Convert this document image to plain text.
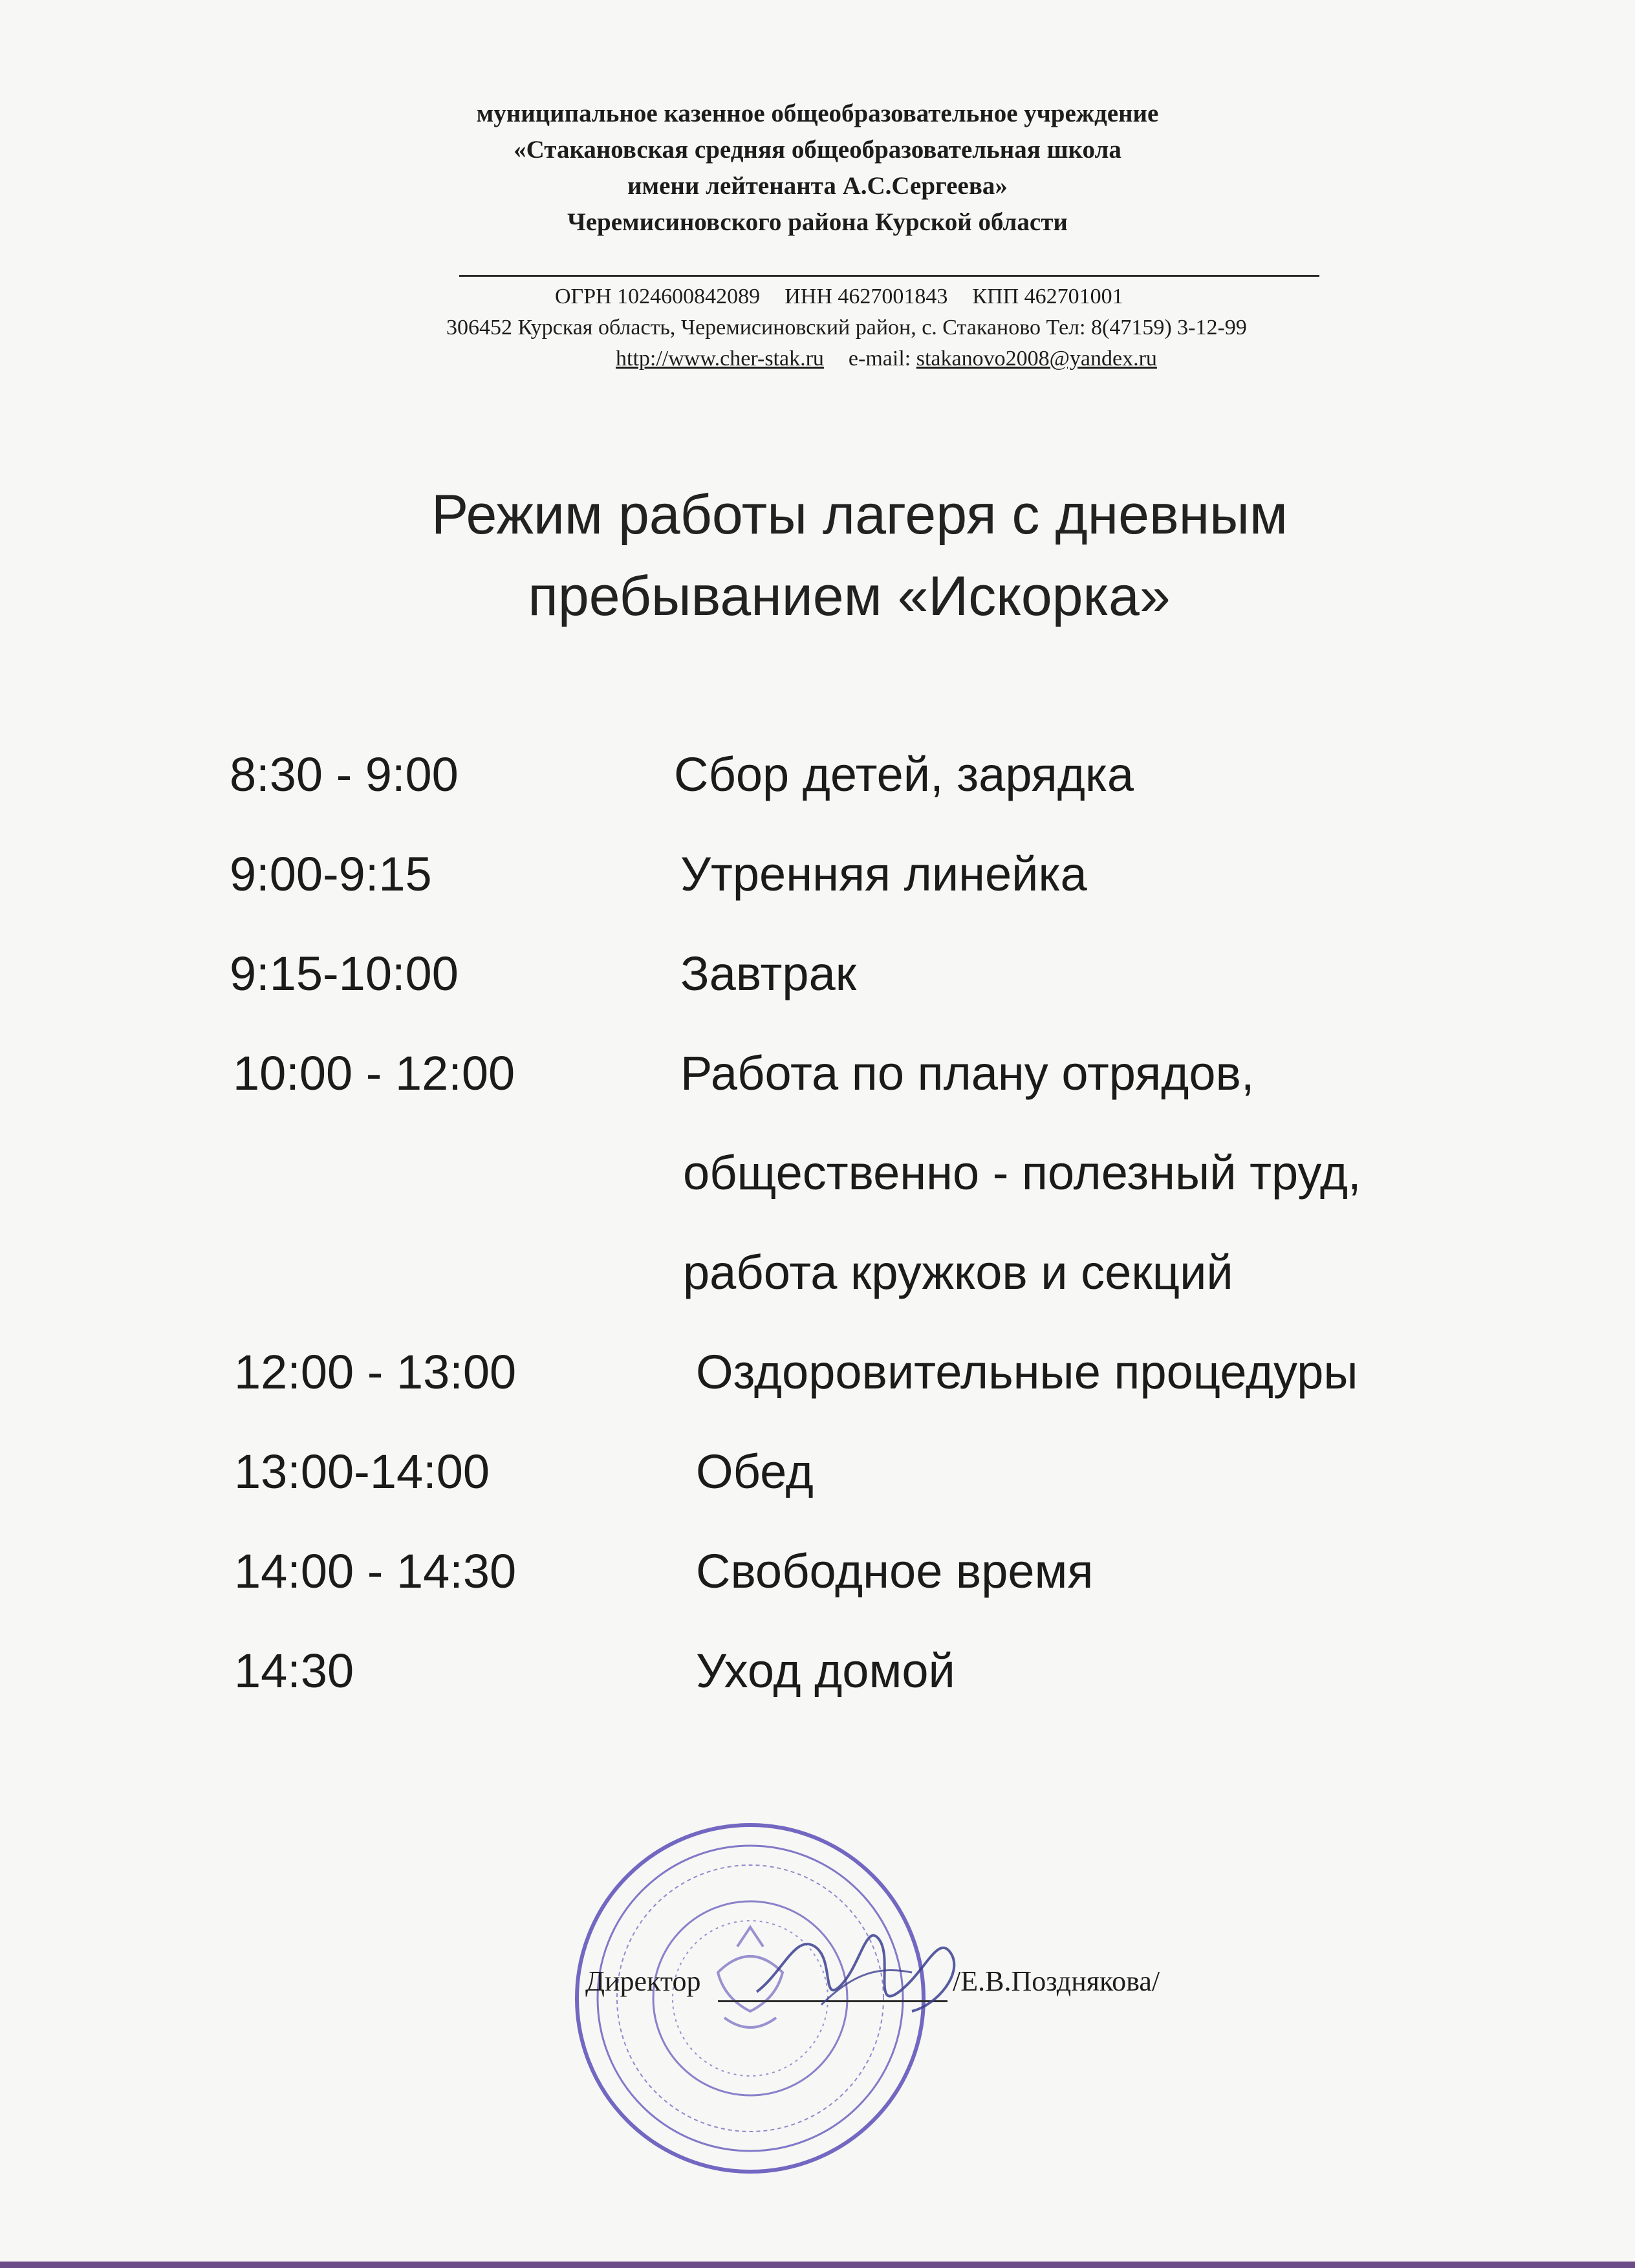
муниципальное казенное общеобразовательное учреждение
«Стакановская средняя общеобразовательная школа
имени лейтенанта А.С.Сергеева»
Черемисиновского района Курской области
ОГРН 1024600842089 ИНН 4627001843 КПП 462701001
306452 Курская область, Черемисиновский район, с. Стаканово Тел: 8(47159) 3-12-99
http://www.cher-stak.ru e-mail: stakanovo2008@yandex.ru
Режим работы лагеря с дневным
пребыванием «Искорка»
8:30 - 9:00	Сбор детей, зарядка
9:00-9:15	Утренняя линейка
9:15-10:00	Завтрак
10:00 - 12:00	Работа по плану отрядов,
общественно - полезный труд,
работа кружков и секций
12:00 - 13:00	Оздоровительные процедуры
13:00-14:00	Обед
14:00 - 14:30	Свободное время
14:30	Уход домой
Директор	/Е.В.Позднякова/
